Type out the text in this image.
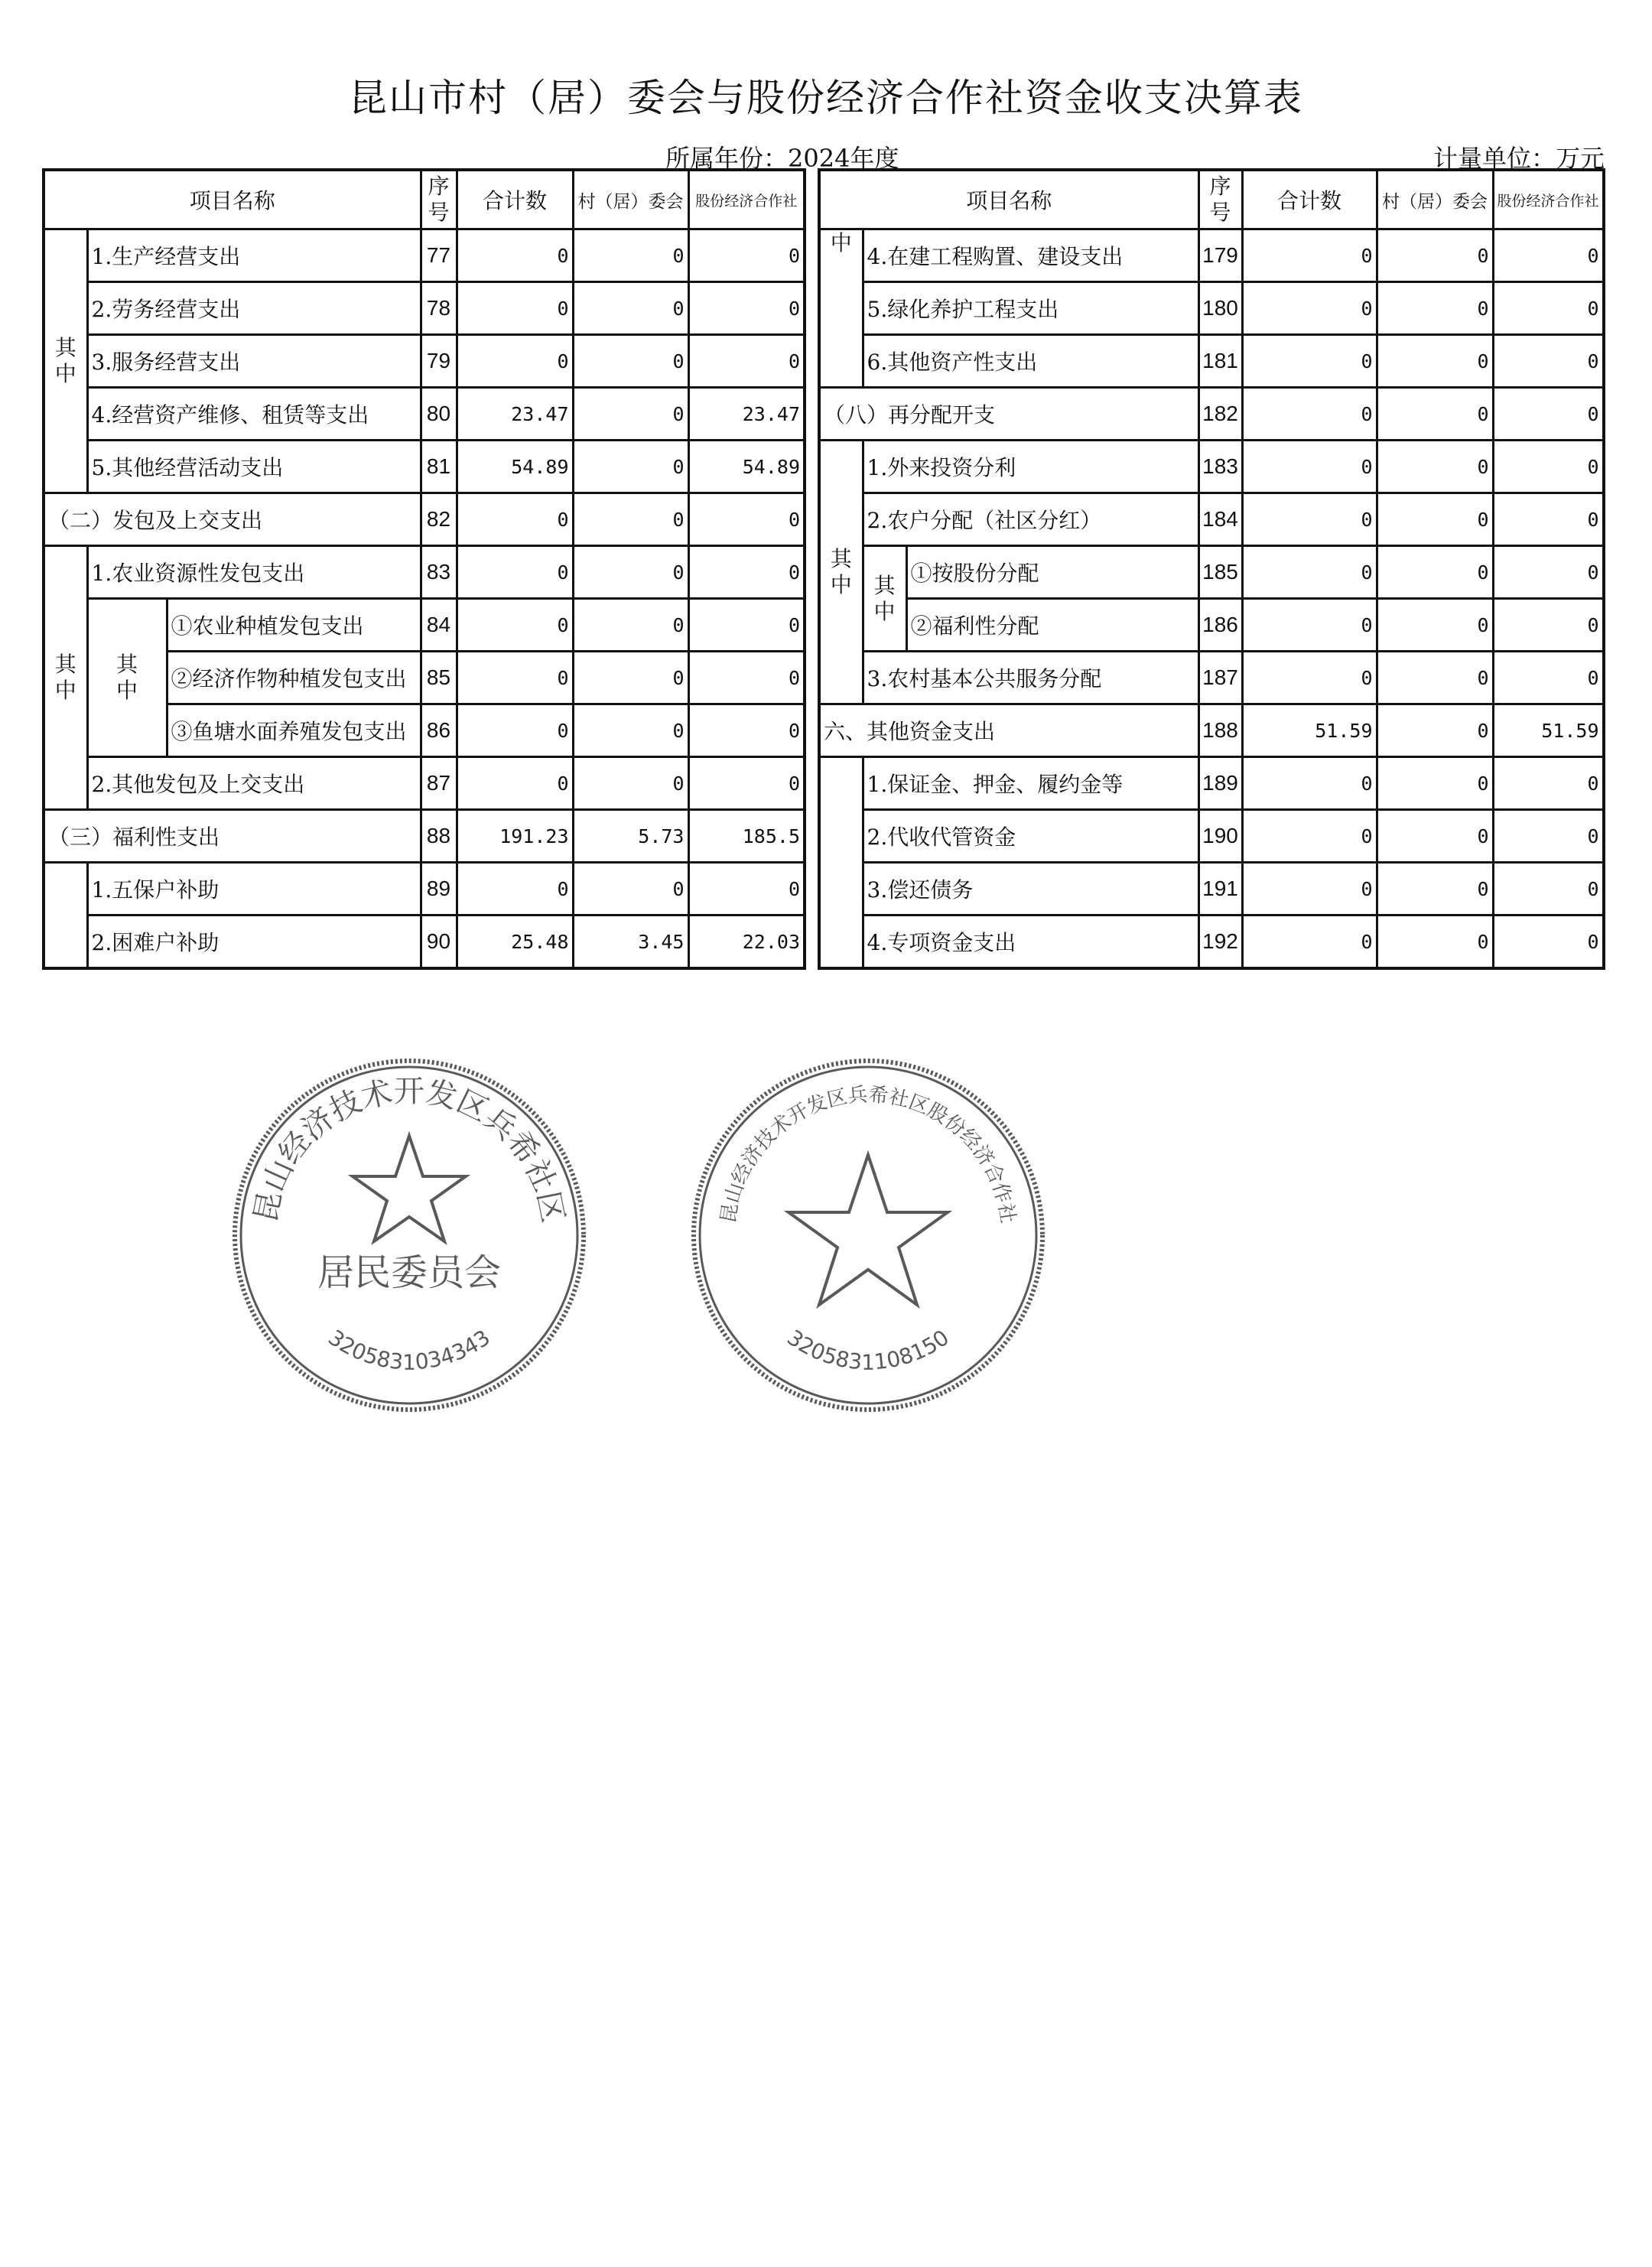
昆山市村（居）委会与股份经济合作社资金收支决算表
所属年份：2024年度	计量单位：万元
项目名称			序号	合计数	村（居）委会	股份经济合作社
其中	1.生产经营支出		77	0	0	0
	2.劳务经营支出		78	0	0	0
	3.服务经营支出		79	0	0	0
	4.经营资产维修、租赁等支出		80	23.47	0	23.47
	5.其他经营活动支出		81	54.89	0	54.89
（二）发包及上交支出			82	0	0	0
其中	1.农业资源性发包支出		83	0	0	0
	其中	①农业种植发包支出	84	0	0	0
		②经济作物种植发包支出	85	0	0	0
		③鱼塘水面养殖发包支出	86	0	0	0
	2.其他发包及上交支出		87	0	0	0
（三）福利性支出			88	191.23	5.73	185.5
	1.五保户补助		89	0	0	0
	2.困难户补助		90	25.48	3.45	22.03
项目名称			序号	合计数	村（居）委会	股份经济合作社
中	4.在建工程购置、建设支出		179	0	0	0
	5.绿化养护工程支出		180	0	0	0
	6.其他资产性支出		181	0	0	0
（八）再分配开支			182	0	0	0
其中	1.外来投资分利		183	0	0	0
	2.农户分配（社区分红）		184	0	0	0
	其中	①按股份分配	185	0	0	0
		②福利性分配	186	0	0	0
	3.农村基本公共服务分配		187	0	0	0
六、其他资金支出			188	51.59	0	51.59
	1.保证金、押金、履约金等		189	0	0	0
	2.代收代管资金		190	0	0	0
	3.偿还债务		191	0	0	0
	4.专项资金支出		192	0	0	0
昆山经济技术开发区兵希社区
居民委员会
3205831034343
昆山经济技术开发区兵希社区股份经济合作社
3205831108150
